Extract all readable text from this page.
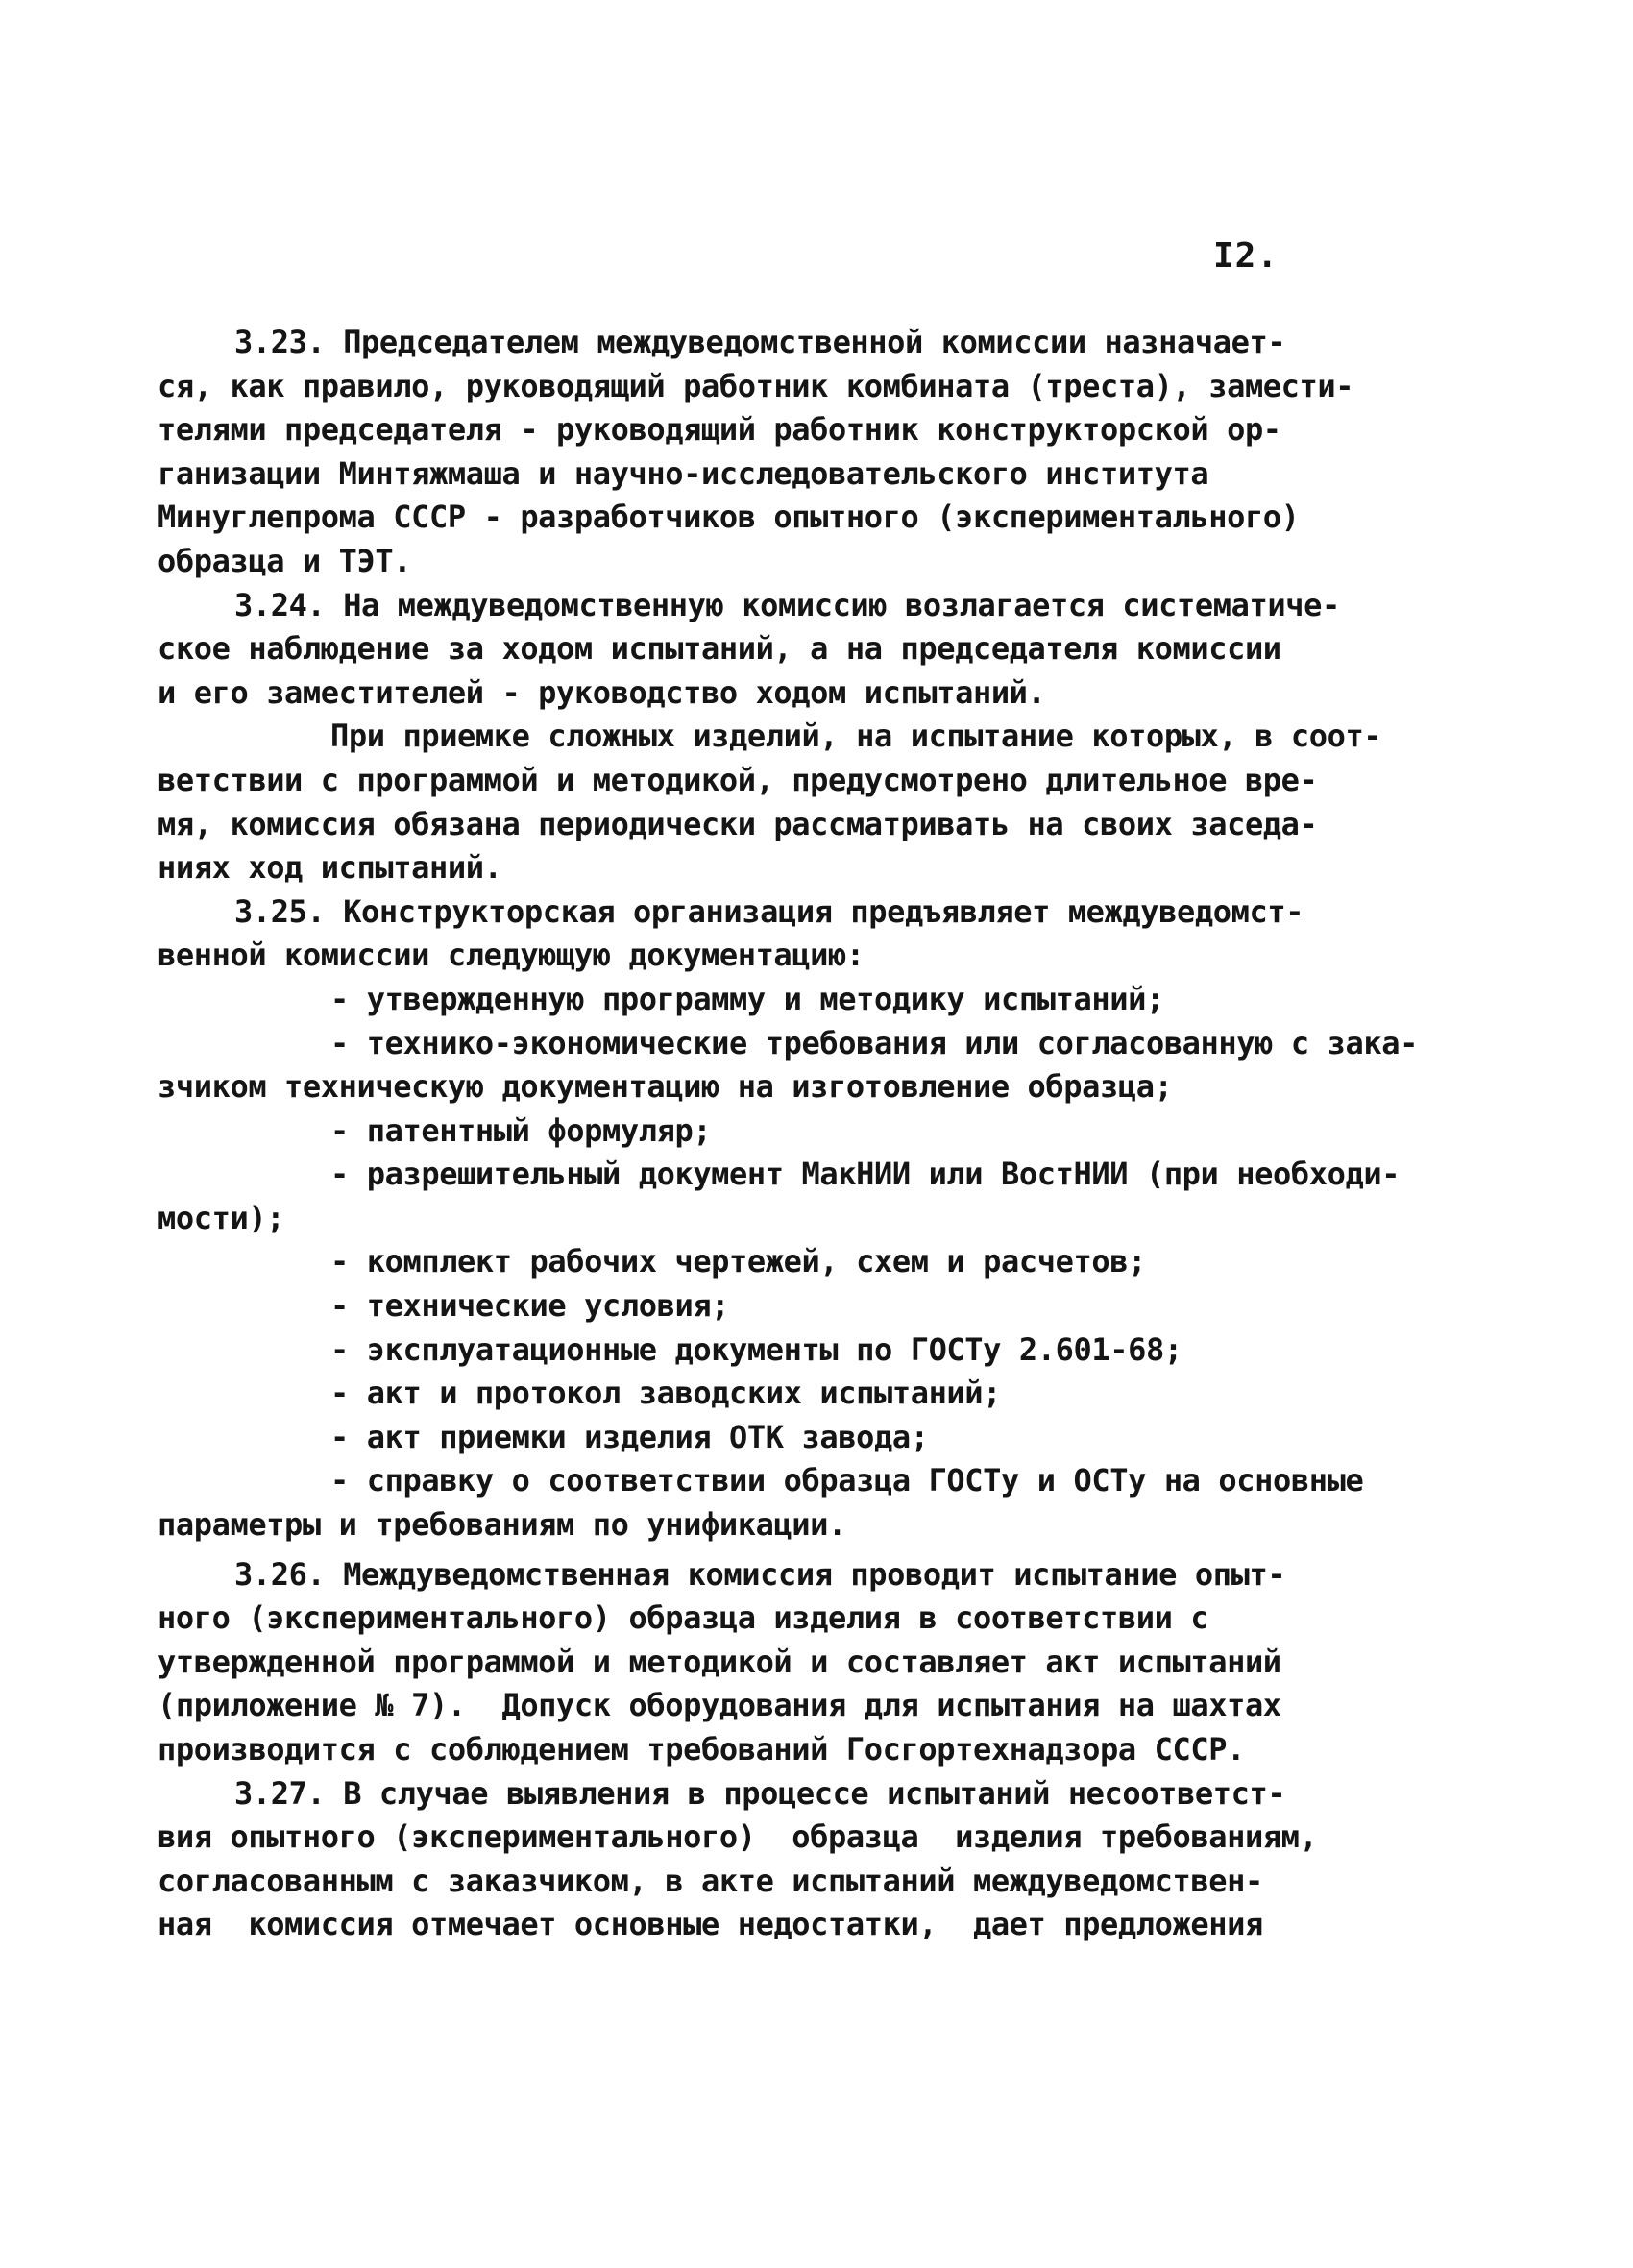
I2.
3.23. Председателем междуведомственной комиссии назначает-
ся, как правило, руководящий работник комбината (треста), замести-
телями председателя - руководящий работник конструкторской ор-
ганизации Минтяжмаша и научно-исследовательского института
Минуглепрома СССР - разработчиков опытного (экспериментального)
образца и ТЭТ.
3.24. На междуведомственную комиссию возлагается систематиче-
ское наблюдение за ходом испытаний, а на председателя комиссии
и его заместителей - руководство ходом испытаний.
При приемке сложных изделий, на испытание которых, в соот-
ветствии с программой и методикой, предусмотрено длительное вре-
мя, комиссия обязана периодически рассматривать на своих заседа-
ниях ход испытаний.
3.25. Конструкторская организация предъявляет междуведомст-
венной комиссии следующую документацию:
- утвержденную программу и методику испытаний;
- технико-экономические требования или согласованную с зака-
зчиком техническую документацию на изготовление образца;
- патентный формуляр;
- разрешительный документ МакНИИ или ВостНИИ (при необходи-
мости);
- комплект рабочих чертежей, схем и расчетов;
- технические условия;
- эксплуатационные документы по ГОСТу 2.601-68;
- акт и протокол заводских испытаний;
- акт приемки изделия ОТК завода;
- справку о соответствии образца ГОСТу и ОСТу на основные
параметры и требованиям по унификации.
3.26. Междуведомственная комиссия проводит испытание опыт-
ного (экспериментального) образца изделия в соответствии с
утвержденной программой и методикой и составляет акт испытаний
(приложение № 7).  Допуск оборудования для испытания на шахтах
производится с соблюдением требований Госгортехнадзора СССР.
3.27. В случае выявления в процессе испытаний несоответст-
вия опытного (экспериментального)  образца  изделия требованиям,
согласованным с заказчиком, в акте испытаний междуведомствен-
ная  комиссия отмечает основные недостатки,  дает предложения
